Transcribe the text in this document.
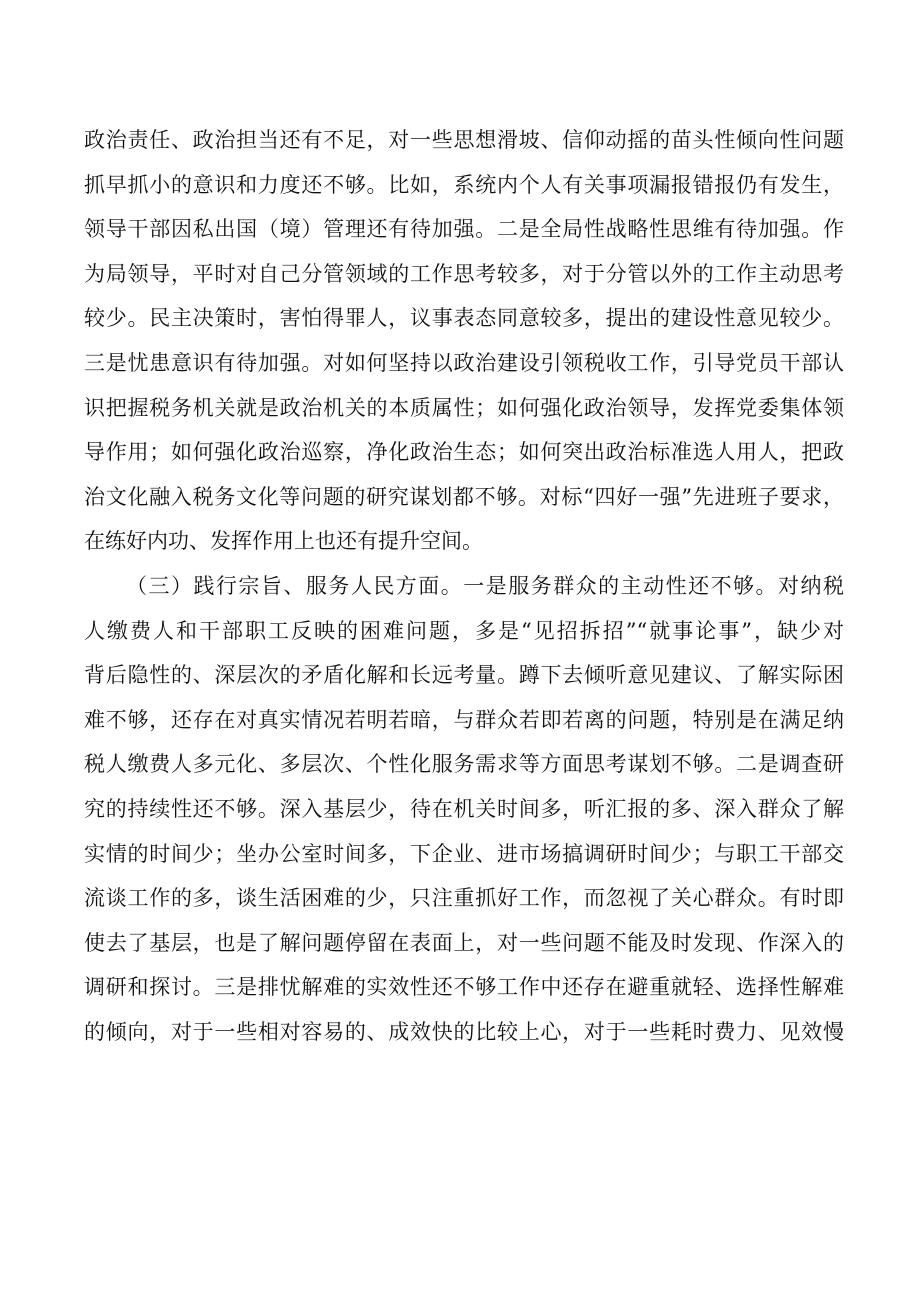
政治责任、政治担当还有不足，对一些思想滑坡、信仰动摇的苗头性倾向性问题
抓早抓小的意识和力度还不够。比如，系统内个人有关事项漏报错报仍有发生，
领导干部因私出国（境）管理还有待加强。二是全局性战略性思维有待加强。作
为局领导，平时对自己分管领域的工作思考较多，对于分管以外的工作主动思考
较少。民主决策时，害怕得罪人，议事表态同意较多，提出的建设性意见较少。
三是忧患意识有待加强。对如何坚持以政治建设引领税收工作，引导党员干部认
识把握税务机关就是政治机关的本质属性；如何强化政治领导，发挥党委集体领
导作用；如何强化政治巡察，净化政治生态；如何突出政治标准选人用人，把政
治文化融入税务文化等问题的研究谋划都不够。对标“四好一强”先进班子要求，
在练好内功、发挥作用上也还有提升空间。
（三）践行宗旨、服务人民方面。一是服务群众的主动性还不够。对纳税
人缴费人和干部职工反映的困难问题，多是“见招拆招”“就事论事”，缺少对
背后隐性的、深层次的矛盾化解和长远考量。蹲下去倾听意见建议、了解实际困
难不够，还存在对真实情况若明若暗，与群众若即若离的问题，特别是在满足纳
税人缴费人多元化、多层次、个性化服务需求等方面思考谋划不够。二是调查研
究的持续性还不够。深入基层少，待在机关时间多，听汇报的多、深入群众了解
实情的时间少；坐办公室时间多，下企业、进市场搞调研时间少；与职工干部交
流谈工作的多，谈生活困难的少，只注重抓好工作，而忽视了关心群众。有时即
使去了基层，也是了解问题停留在表面上，对一些问题不能及时发现、作深入的
调研和探讨。三是排忧解难的实效性还不够工作中还存在避重就轻、选择性解难
的倾向，对于一些相对容易的、成效快的比较上心，对于一些耗时费力、见效慢
